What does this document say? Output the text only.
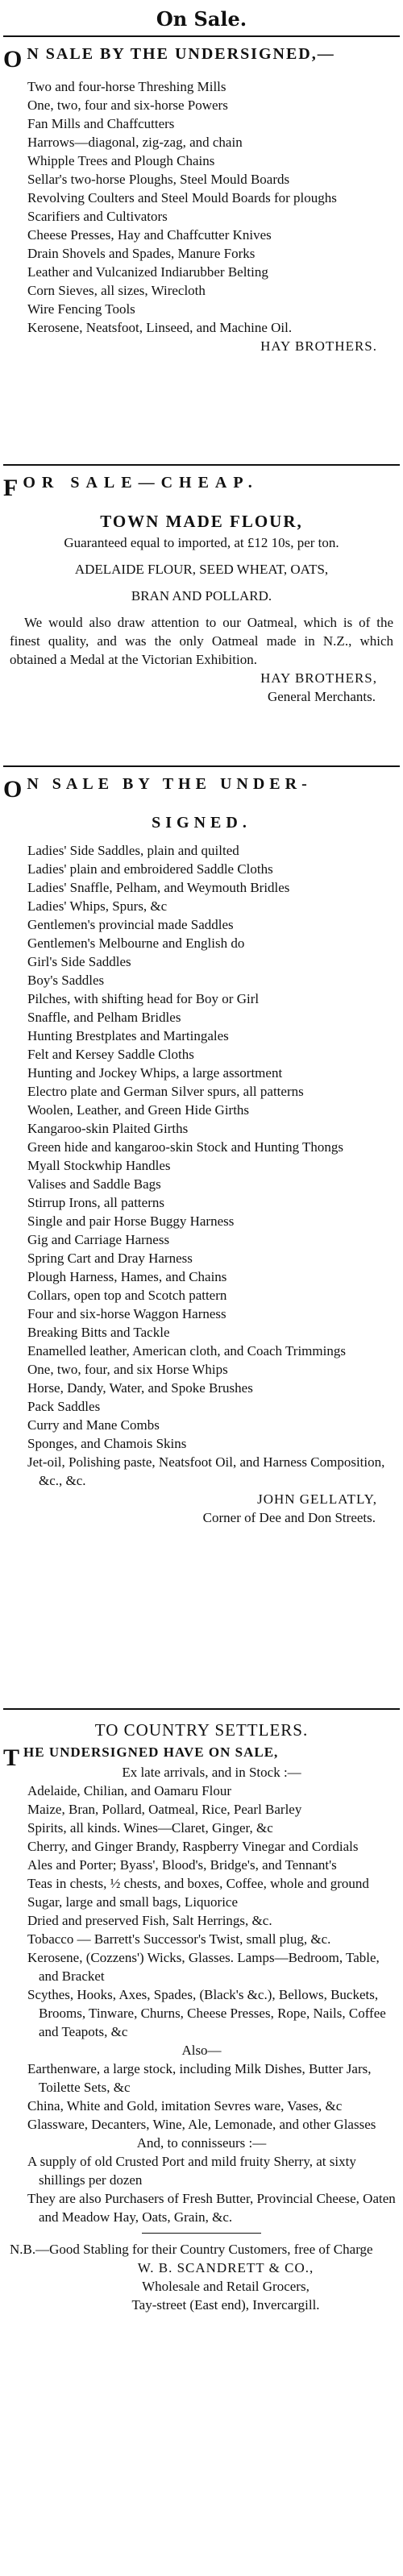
On Sale.
O N SALE BY THE UNDERSIGNED,—
Two and four-horse Threshing Mills
One, two, four and six-horse Powers
Fan Mills and Chaffcutters
Harrows—diagonal, zig-zag, and chain
Whipple Trees and Plough Chains
Sellar's two-horse Ploughs, Steel Mould Boards
Revolving Coulters and Steel Mould Boards for ploughs
Scarifiers and Cultivators
Cheese Presses, Hay and Chaffcutter Knives
Drain Shovels and Spades, Manure Forks
Leather and Vulcanized Indiarubber Belting
Corn Sieves, all sizes, Wirecloth
Wire Fencing Tools
Kerosene, Neatsfoot, Linseed, and Machine Oil.
HAY BROTHERS.
F OR SALE—CHEAP.
TOWN MADE FLOUR,
Guaranteed equal to imported, at £12 10s, per ton.
ADELAIDE FLOUR, SEED WHEAT, OATS,
BRAN AND POLLARD.
We would also draw attention to our Oatmeal, which is of the finest quality, and was the only Oatmeal made in N.Z., which obtained a Medal at the Victorian Exhibition.
HAY BROTHERS,
General Merchants.
O N SALE BY THE UNDER-
SIGNED.
Ladies' Side Saddles, plain and quilted
Ladies' plain and embroidered Saddle Cloths
Ladies' Snaffle, Pelham, and Weymouth Bridles
Ladies' Whips, Spurs, &c
Gentlemen's provincial made Saddles
Gentlemen's Melbourne and English do
Girl's Side Saddles
Boy's Saddles
Pilches, with shifting head for Boy or Girl
Snaffle, and Pelham Bridles
Hunting Brestplates and Martingales
Felt and Kersey Saddle Cloths
Hunting and Jockey Whips, a large assortment
Electro plate and German Silver spurs, all patterns
Woolen, Leather, and Green Hide Girths
Kangaroo-skin Plaited Girths
Green hide and kangaroo-skin Stock and Hunting Thongs
Myall Stockwhip Handles
Valises and Saddle Bags
Stirrup Irons, all patterns
Single and pair Horse Buggy Harness
Gig and Carriage Harness
Spring Cart and Dray Harness
Plough Harness, Hames, and Chains
Collars, open top and Scotch pattern
Four and six-horse Waggon Harness
Breaking Bitts and Tackle
Enamelled leather, American cloth, and Coach Trimmings
One, two, four, and six Horse Whips
Horse, Dandy, Water, and Spoke Brushes
Pack Saddles
Curry and Mane Combs
Sponges, and Chamois Skins
Jet-oil, Polishing paste, Neatsfoot Oil, and Harness Composition, &c., &c.
JOHN GELLATLY,
Corner of Dee and Don Streets.
TO COUNTRY SETTLERS.
T HE UNDERSIGNED HAVE ON SALE,
Ex late arrivals, and in Stock :—
Adelaide, Chilian, and Oamaru Flour
Maize, Bran, Pollard, Oatmeal, Rice, Pearl Barley
Spirits, all kinds. Wines—Claret, Ginger, &c
Cherry, and Ginger Brandy, Raspberry Vinegar and Cordials
Ales and Porter; Byass', Blood's, Bridge's, and Tennant's
Teas in chests, ½ chests, and boxes, Coffee, whole and ground
Sugar, large and small bags, Liquorice
Dried and preserved Fish, Salt Herrings, &c.
Tobacco — Barrett's Successor's Twist, small plug, &c.
Kerosene, (Cozzens') Wicks, Glasses. Lamps—Bedroom, Table, and Bracket
Scythes, Hooks, Axes, Spades, (Black's &c.), Bellows, Buckets, Brooms, Tinware, Churns, Cheese Presses, Rope, Nails, Coffee and Teapots, &c
Also—
Earthenware, a large stock, including Milk Dishes, Butter Jars, Toilette Sets, &c
China, White and Gold, imitation Sevres ware, Vases, &c
Glassware, Decanters, Wine, Ale, Lemonade, and other Glasses
And, to connisseurs :—
A supply of old Crusted Port and mild fruity Sherry, at sixty shillings per dozen
They are also Purchasers of Fresh Butter, Provincial Cheese, Oaten and Meadow Hay, Oats, Grain, &c.
N.B.—Good Stabling for their Country Customers, free of Charge
W. B. SCANDRETT & CO.,
Wholesale and Retail Grocers,
Tay-street (East end), Invercargill.
